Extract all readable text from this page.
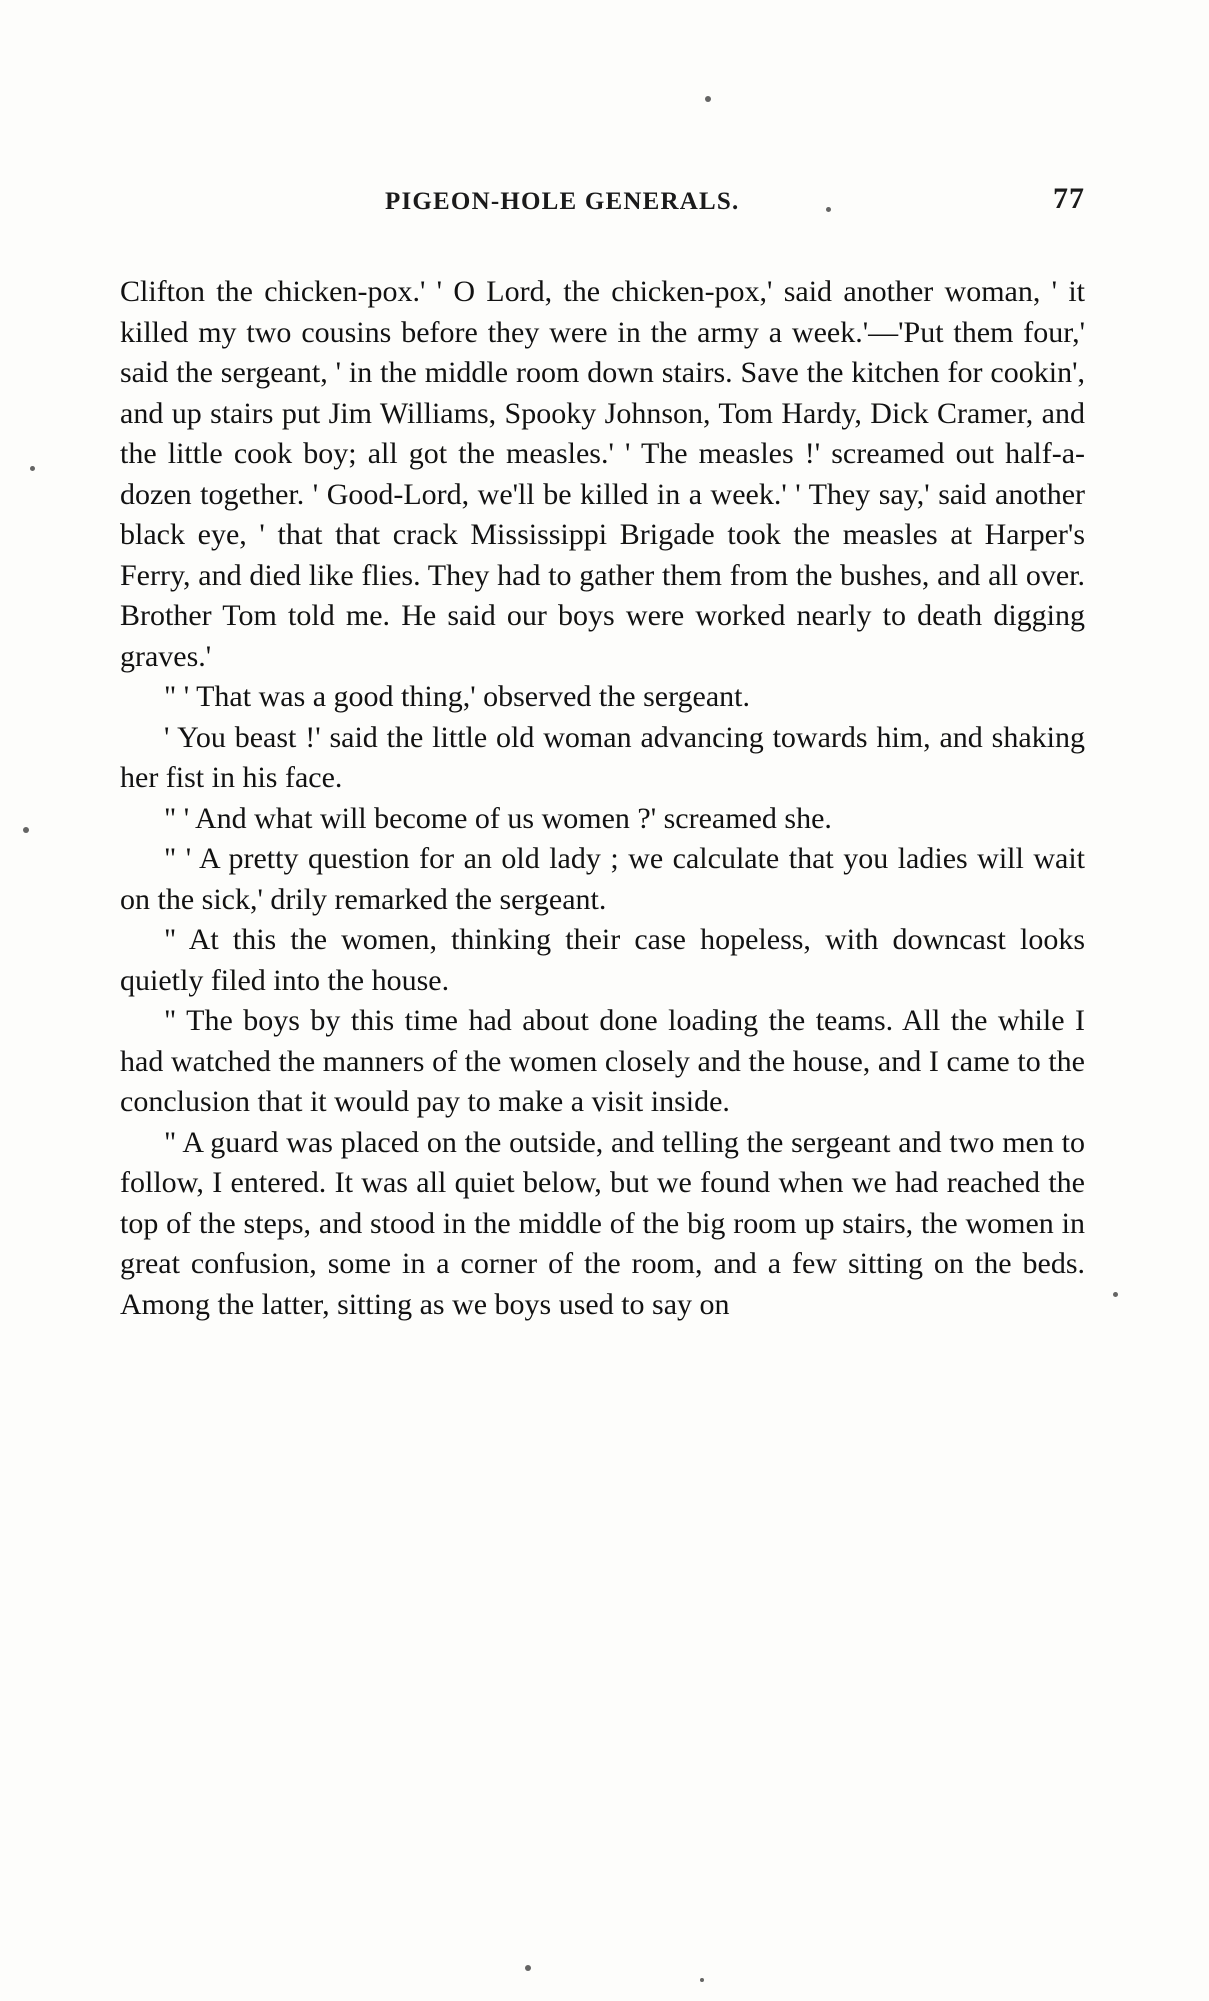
PIGEON-HOLE GENERALS.	77

Clifton the chicken-pox.' ' O Lord, the chicken-pox,' said another woman, ' it killed my two cousins before they were in the army a week.'—'Put them four,' said the sergeant, ' in the middle room down stairs. Save the kitchen for cookin', and up stairs put Jim Williams, Spooky Johnson, Tom Hardy, Dick Cramer, and the little cook boy; all got the measles.' ' The measles !' screamed out half-a-dozen together. ' Good-Lord, we'll be killed in a week.' ' They say,' said another black eye, ' that that crack Mississippi Brigade took the measles at Harper's Ferry, and died like flies. They had to gather them from the bushes, and all over. Brother Tom told me. He said our boys were worked nearly to death digging graves.'

" ' That was a good thing,' observed the sergeant.

' You beast !' said the little old woman advancing towards him, and shaking her fist in his face.

" ' And what will become of us women ?' screamed she.

" ' A pretty question for an old lady ; we calculate that you ladies will wait on the sick,' drily remarked the sergeant.

" At this the women, thinking their case hopeless, with downcast looks quietly filed into the house.

" The boys by this time had about done loading the teams. All the while I had watched the manners of the women closely and the house, and I came to the conclusion that it would pay to make a visit inside.

" A guard was placed on the outside, and telling the sergeant and two men to follow, I entered. It was all quiet below, but we found when we had reached the top of the steps, and stood in the middle of the big room up stairs, the women in great confusion, some in a corner of the room, and a few sitting on the beds. Among the latter, sitting as we boys used to say on
